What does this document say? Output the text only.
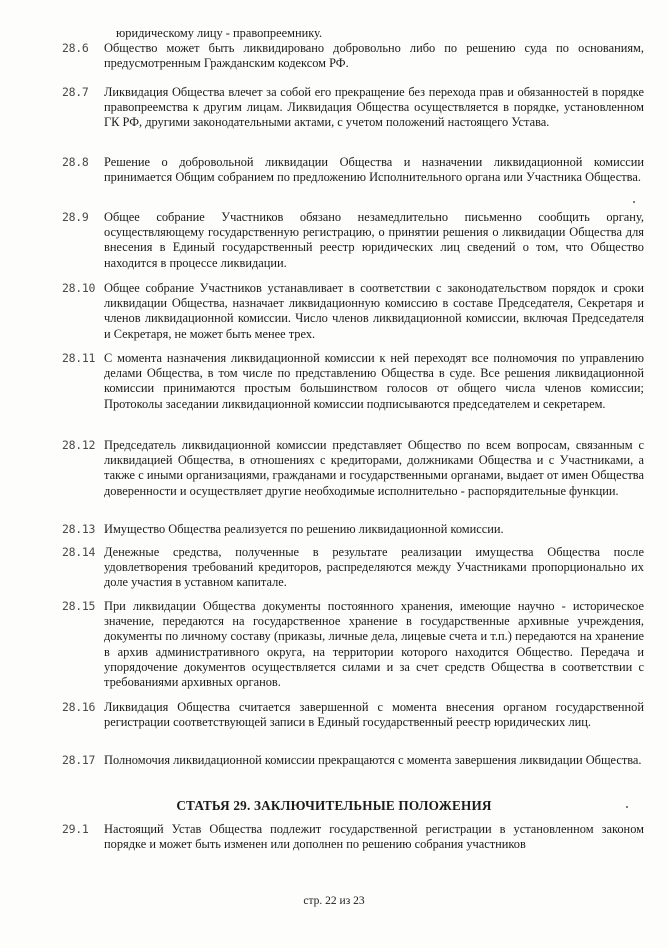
юридическому лицу - правопреемнику.
28.6 Общество может быть ликвидировано добровольно либо по решению суда по основаниям, предусмотренным Гражданским кодексом РФ.
28.7 Ликвидация Общества влечет за собой его прекращение без перехода прав и обязанностей в порядке правопреемства к другим лицам. Ликвидация Общества осуществляется в порядке, установленном ГК РФ, другими законодательными актами, с учетом положений настоящего Устава.
28.8 Решение о добровольной ликвидации Общества и назначении ликвидационной комиссии принимается Общим собранием по предложению Исполнительного органа или Участника Общества.
28.9 Общее собрание Участников обязано незамедлительно письменно сообщить органу, осуществляющему государственную регистрацию, о принятии решения о ликвидации Общества для внесения в Единый государственный реестр юридических лиц сведений о том, что Общество находится в процессе ликвидации.
28.10 Общее собрание Участников устанавливает в соответствии с законодательством порядок и сроки ликвидации Общества, назначает ликвидационную комиссию в составе Председателя, Секретаря и членов ликвидационной комиссии. Число членов ликвидационной комиссии, включая Председателя и Секретаря, не может быть менее трех.
28.11 С момента назначения ликвидационной комиссии к ней переходят все полномочия по управлению делами Общества, в том числе по представлению Общества в суде. Все решения ликвидационной комиссии принимаются простым большинством голосов от общего числа членов комиссии; Протоколы заседании ликвидационной комиссии подписываются председателем и секретарем.
28.12 Председатель ликвидационной комиссии представляет Общество по всем вопросам, связанным с ликвидацией Общества, в отношениях с кредиторами, должниками Общества и с Участниками, а также с иными организациями, гражданами и государственными органами, выдает от имен Общества доверенности и осуществляет другие необходимые исполнительно - распорядительные функции.
28.13 Имущество Общества реализуется по решению ликвидационной комиссии.
28.14 Денежные средства, полученные в результате реализации имущества Общества после удовлетворения требований кредиторов, распределяются между Участниками пропорционально их доле участия в уставном капитале.
28.15 При ликвидации Общества документы постоянного хранения, имеющие научно - историческое значение, передаются на государственное хранение в государственные архивные учреждения, документы по личному составу (приказы, личные дела, лицевые счета и т.п.) передаются на хранение в архив административного округа, на территории которого находится Общество. Передача и упорядочение документов осуществляется силами и за счет средств Общества в соответствии с требованиями архивных органов.
28.16 Ликвидация Общества считается завершенной с момента внесения органом государственной регистрации соответствующей записи в Единый государственный реестр юридических лиц.
28.17 Полномочия ликвидационной комиссии прекращаются с момента завершения ликвидации Общества.
СТАТЬЯ 29. ЗАКЛЮЧИТЕЛЬНЫЕ ПОЛОЖЕНИЯ
29.1 Настоящий Устав Общества подлежит государственной регистрации в установленном законом порядке и может быть изменен или дополнен по решению собрания участников
стр. 22 из 23
